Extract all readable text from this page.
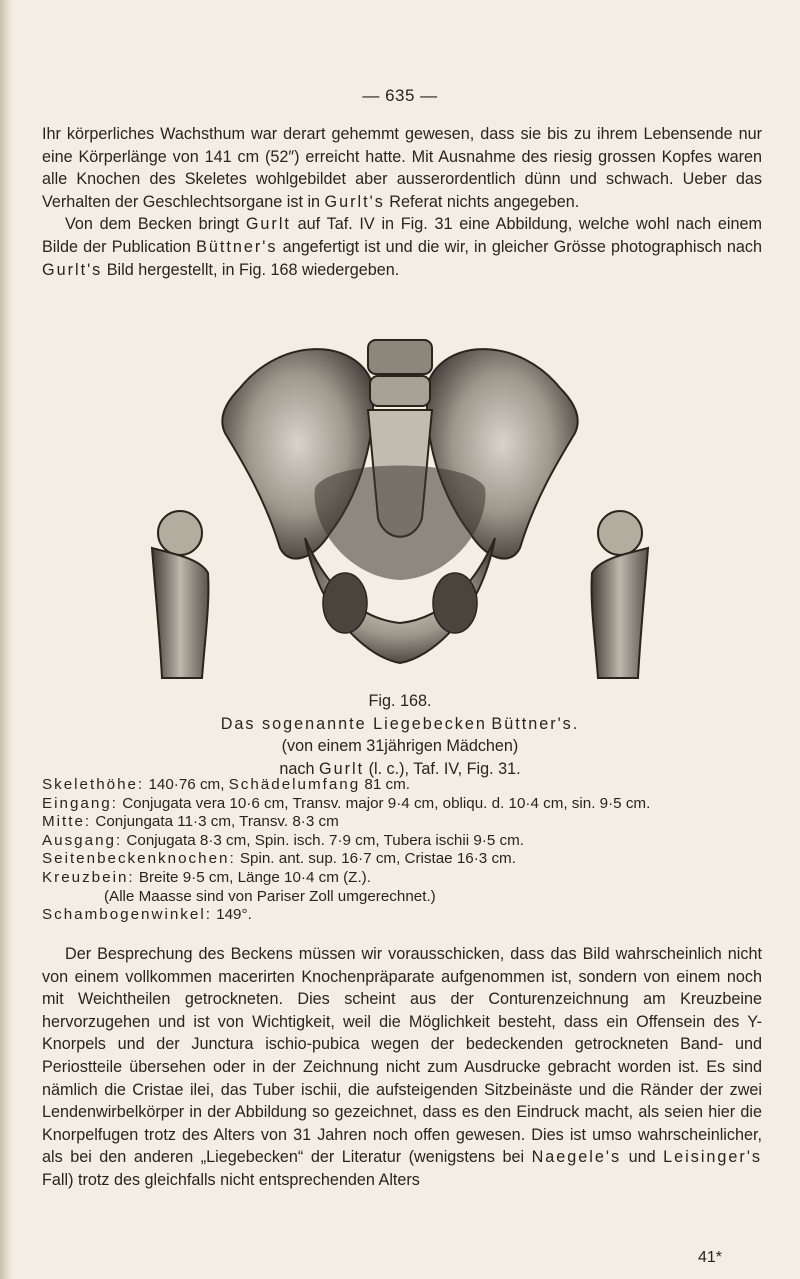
— 635 —

Ihr körperliches Wachsthum war derart gehemmt gewesen, dass sie bis zu ihrem Lebensende nur eine Körperlänge von 141 cm (52″) erreicht hatte. Mit Ausnahme des riesig grossen Kopfes waren alle Knochen des Skeletes wohlgebildet aber ausserordentlich dünn und schwach. Ueber das Verhalten der Geschlechtsorgane ist in Gurlt's Referat nichts angegeben.
Von dem Becken bringt Gurlt auf Taf. IV in Fig. 31 eine Abbildung, welche wohl nach einem Bilde der Publication Büttner's angefertigt ist und die wir, in gleicher Grösse photographisch nach Gurlt's Bild hergestellt, in Fig. 168 wiedergeben.

Fig. 168.
Das sogenannte Liegebecken Büttner's.
(von einem 31jährigen Mädchen)
nach Gurlt (l. c.), Taf. IV, Fig. 31.
Skelethöhe: 140·76 cm, Schädelumfang 81 cm.
Eingang: Conjugata vera 10·6 cm, Transv. major 9·4 cm, obliqu. d. 10·4 cm, sin. 9·5 cm.
Mitte: Conjungata 11·3 cm, Transv. 8·3 cm
Ausgang: Conjugata 8·3 cm, Spin. isch. 7·9 cm, Tubera ischii 9·5 cm.
Seitenbeckenknochen: Spin. ant. sup. 16·7 cm, Cristae 16·3 cm.
Kreuzbein: Breite 9·5 cm, Länge 10·4 cm (Z.).
(Alle Maasse sind von Pariser Zoll umgerechnet.)
Schambogenwinkel: 149°.

Der Besprechung des Beckens müssen wir vorausschicken, dass das Bild wahrscheinlich nicht von einem vollkommen macerirten Knochenpräparate aufgenommen ist, sondern von einem noch mit Weichtheilen getrockneten. Dies scheint aus der Conturenzeichnung am Kreuzbeine hervorzugehen und ist von Wichtigkeit, weil die Möglichkeit besteht, dass ein Offensein des Y-Knorpels und der Junctura ischio-pubica wegen der bedeckenden getrockneten Band- und Periostteile übersehen oder in der Zeichnung nicht zum Ausdrucke gebracht worden ist. Es sind nämlich die Cristae ilei, das Tuber ischii, die aufsteigenden Sitzbeinäste und die Ränder der zwei Lendenwirbelkörper in der Abbildung so gezeichnet, dass es den Eindruck macht, als seien hier die Knorpelfugen trotz des Alters von 31 Jahren noch offen gewesen. Dies ist umso wahrscheinlicher, als bei den anderen „Liegebecken“ der Literatur (wenigstens bei Naegele's und Leisinger's Fall) trotz des gleichfalls nicht entsprechenden Alters

41*
